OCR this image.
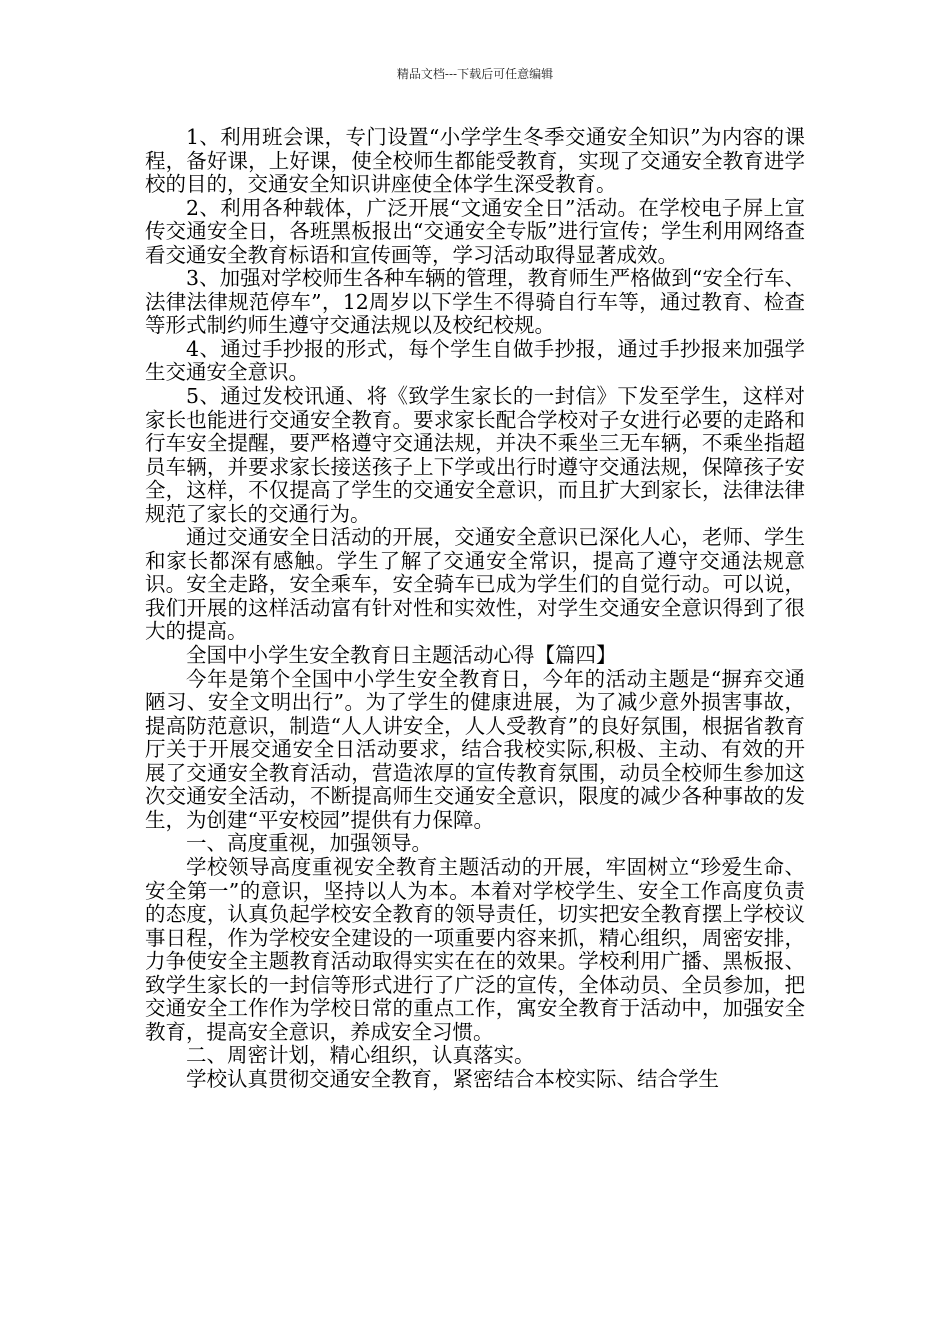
精品文档---下载后可任意编辑

1、利用班会课，专门设置“小学学生冬季交通安全知识”为内容的课程，备好课，上好课，使全校师生都能受教育，实现了交通安全教育进学校的目的，交通安全知识讲座使全体学生深受教育。

2、利用各种载体，广泛开展“文通安全日”活动。在学校电子屏上宣传交通安全日，各班黑板报出“交通安全专版”进行宣传；学生利用网络查看交通安全教育标语和宣传画等，学习活动取得显著成效。

3、加强对学校师生各种车辆的管理，教育师生严格做到“安全行车、法律法律规范停车”，12周岁以下学生不得骑自行车等，通过教育、检查等形式制约师生遵守交通法规以及校纪校规。

4、通过手抄报的形式，每个学生自做手抄报，通过手抄报来加强学生交通安全意识。

5、通过发校讯通、将《致学生家长的一封信》下发至学生，这样对家长也能进行交通安全教育。要求家长配合学校对子女进行必要的走路和行车安全提醒，要严格遵守交通法规，并决不乘坐三无车辆，不乘坐指超员车辆，并要求家长接送孩子上下学或出行时遵守交通法规，保障孩子安全，这样，不仅提高了学生的交通安全意识，而且扩大到家长，法律法律规范了家长的交通行为。

通过交通安全日活动的开展，交通安全意识已深化人心，老师、学生和家长都深有感触。学生了解了交通安全常识，提高了遵守交通法规意识。安全走路，安全乘车，安全骑车已成为学生们的自觉行动。可以说，我们开展的这样活动富有针对性和实效性，对学生交通安全意识得到了很大的提高。

全国中小学生安全教育日主题活动心得【篇四】

今年是第个全国中小学生安全教育日，今年的活动主题是“摒弃交通陋习、安全文明出行”。为了学生的健康进展，为了减少意外损害事故，提高防范意识，制造“人人讲安全，人人受教育”的良好氛围，根据省教育厅关于开展交通安全日活动要求，结合我校实际,积极、主动、有效的开展了交通安全教育活动，营造浓厚的宣传教育氛围，动员全校师生参加这次交通安全活动，不断提高师生交通安全意识，限度的减少各种事故的发生，为创建“平安校园”提供有力保障。

一、高度重视，加强领导。

学校领导高度重视安全教育主题活动的开展，牢固树立“珍爱生命、安全第一”的意识，坚持以人为本。本着对学校学生、安全工作高度负责的态度，认真负起学校安全教育的领导责任，切实把安全教育摆上学校议事日程，作为学校安全建设的一项重要内容来抓，精心组织，周密安排，力争使安全主题教育活动取得实实在在的效果。学校利用广播、黑板报、致学生家长的一封信等形式进行了广泛的宣传，全体动员、全员参加，把交通安全工作作为学校日常的重点工作，寓安全教育于活动中，加强安全教育，提高安全意识，养成安全习惯。

二、周密计划，精心组织，认真落实。

学校认真贯彻交通安全教育，紧密结合本校实际、结合学生
